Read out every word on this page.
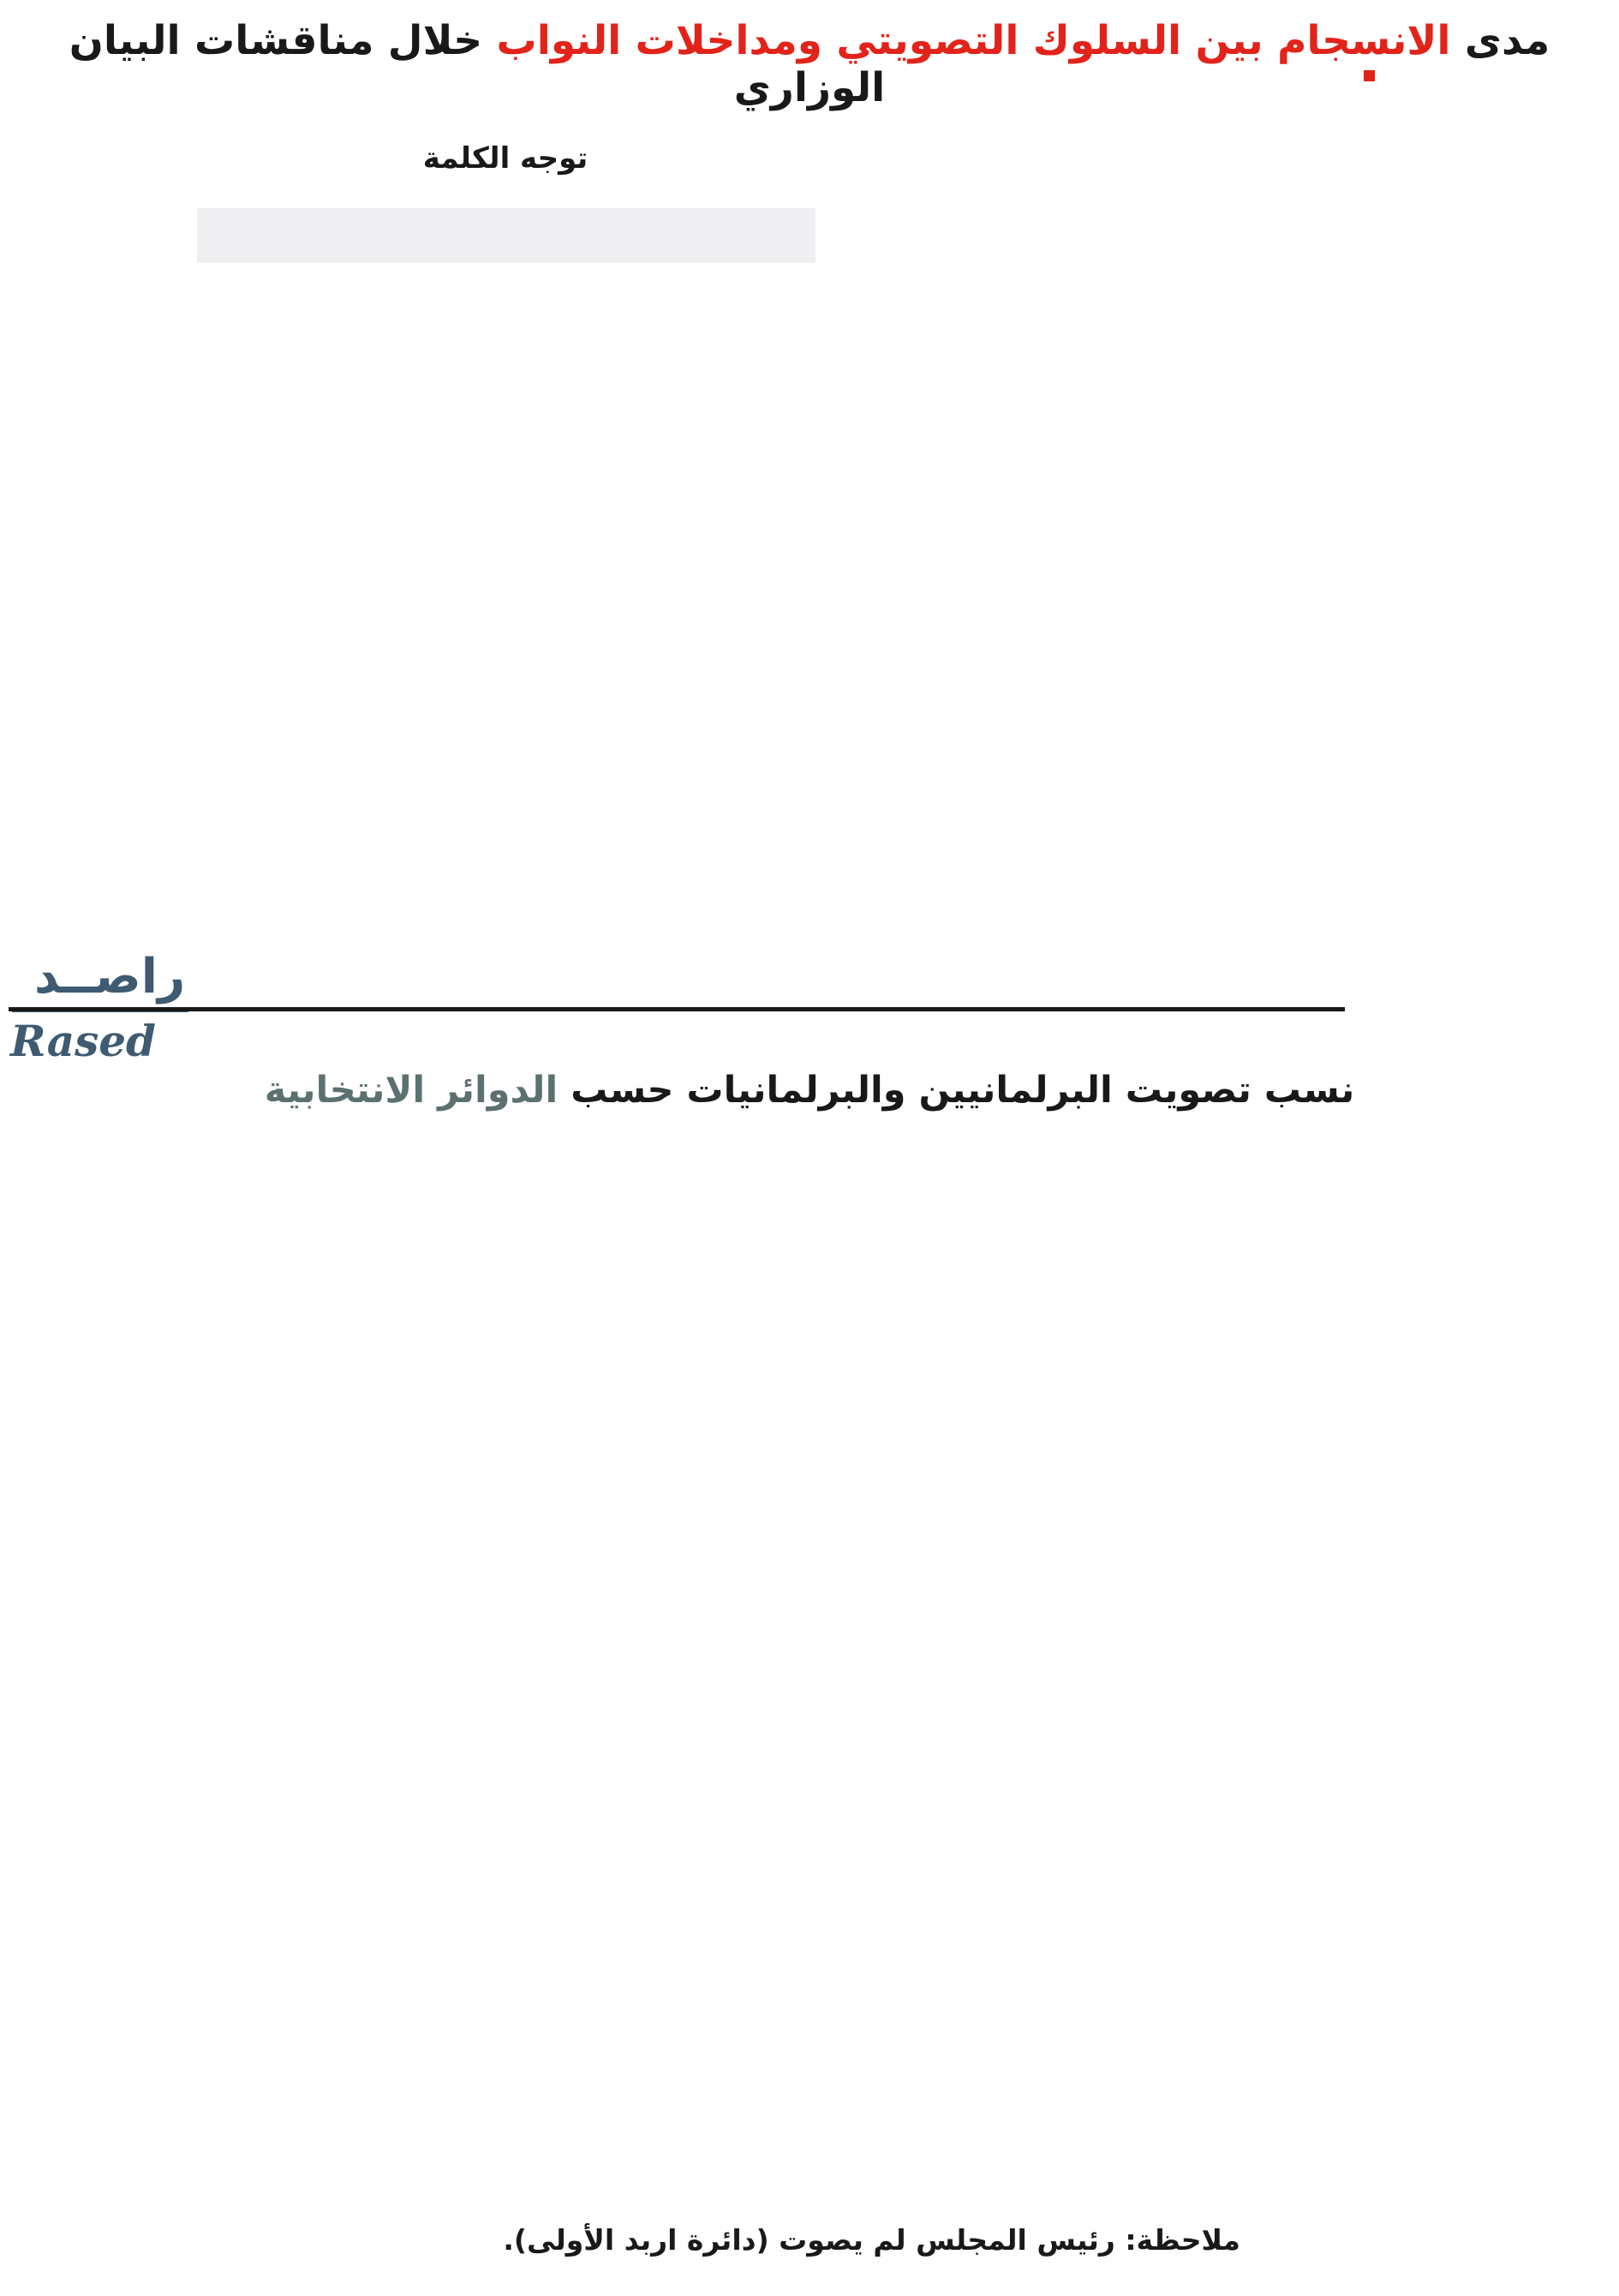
مدى الانسجام بين السلوك التصويتي ومداخلات النواب خلال مناقشات البيان الوزاري
توجه الكلمة
راصــد
Rased
نسب تصويت البرلمانيين والبرلمانيات حسب الدوائر الانتخابية
ملاحظة: رئيس المجلس لم يصوت (دائرة اربد الأولى).
